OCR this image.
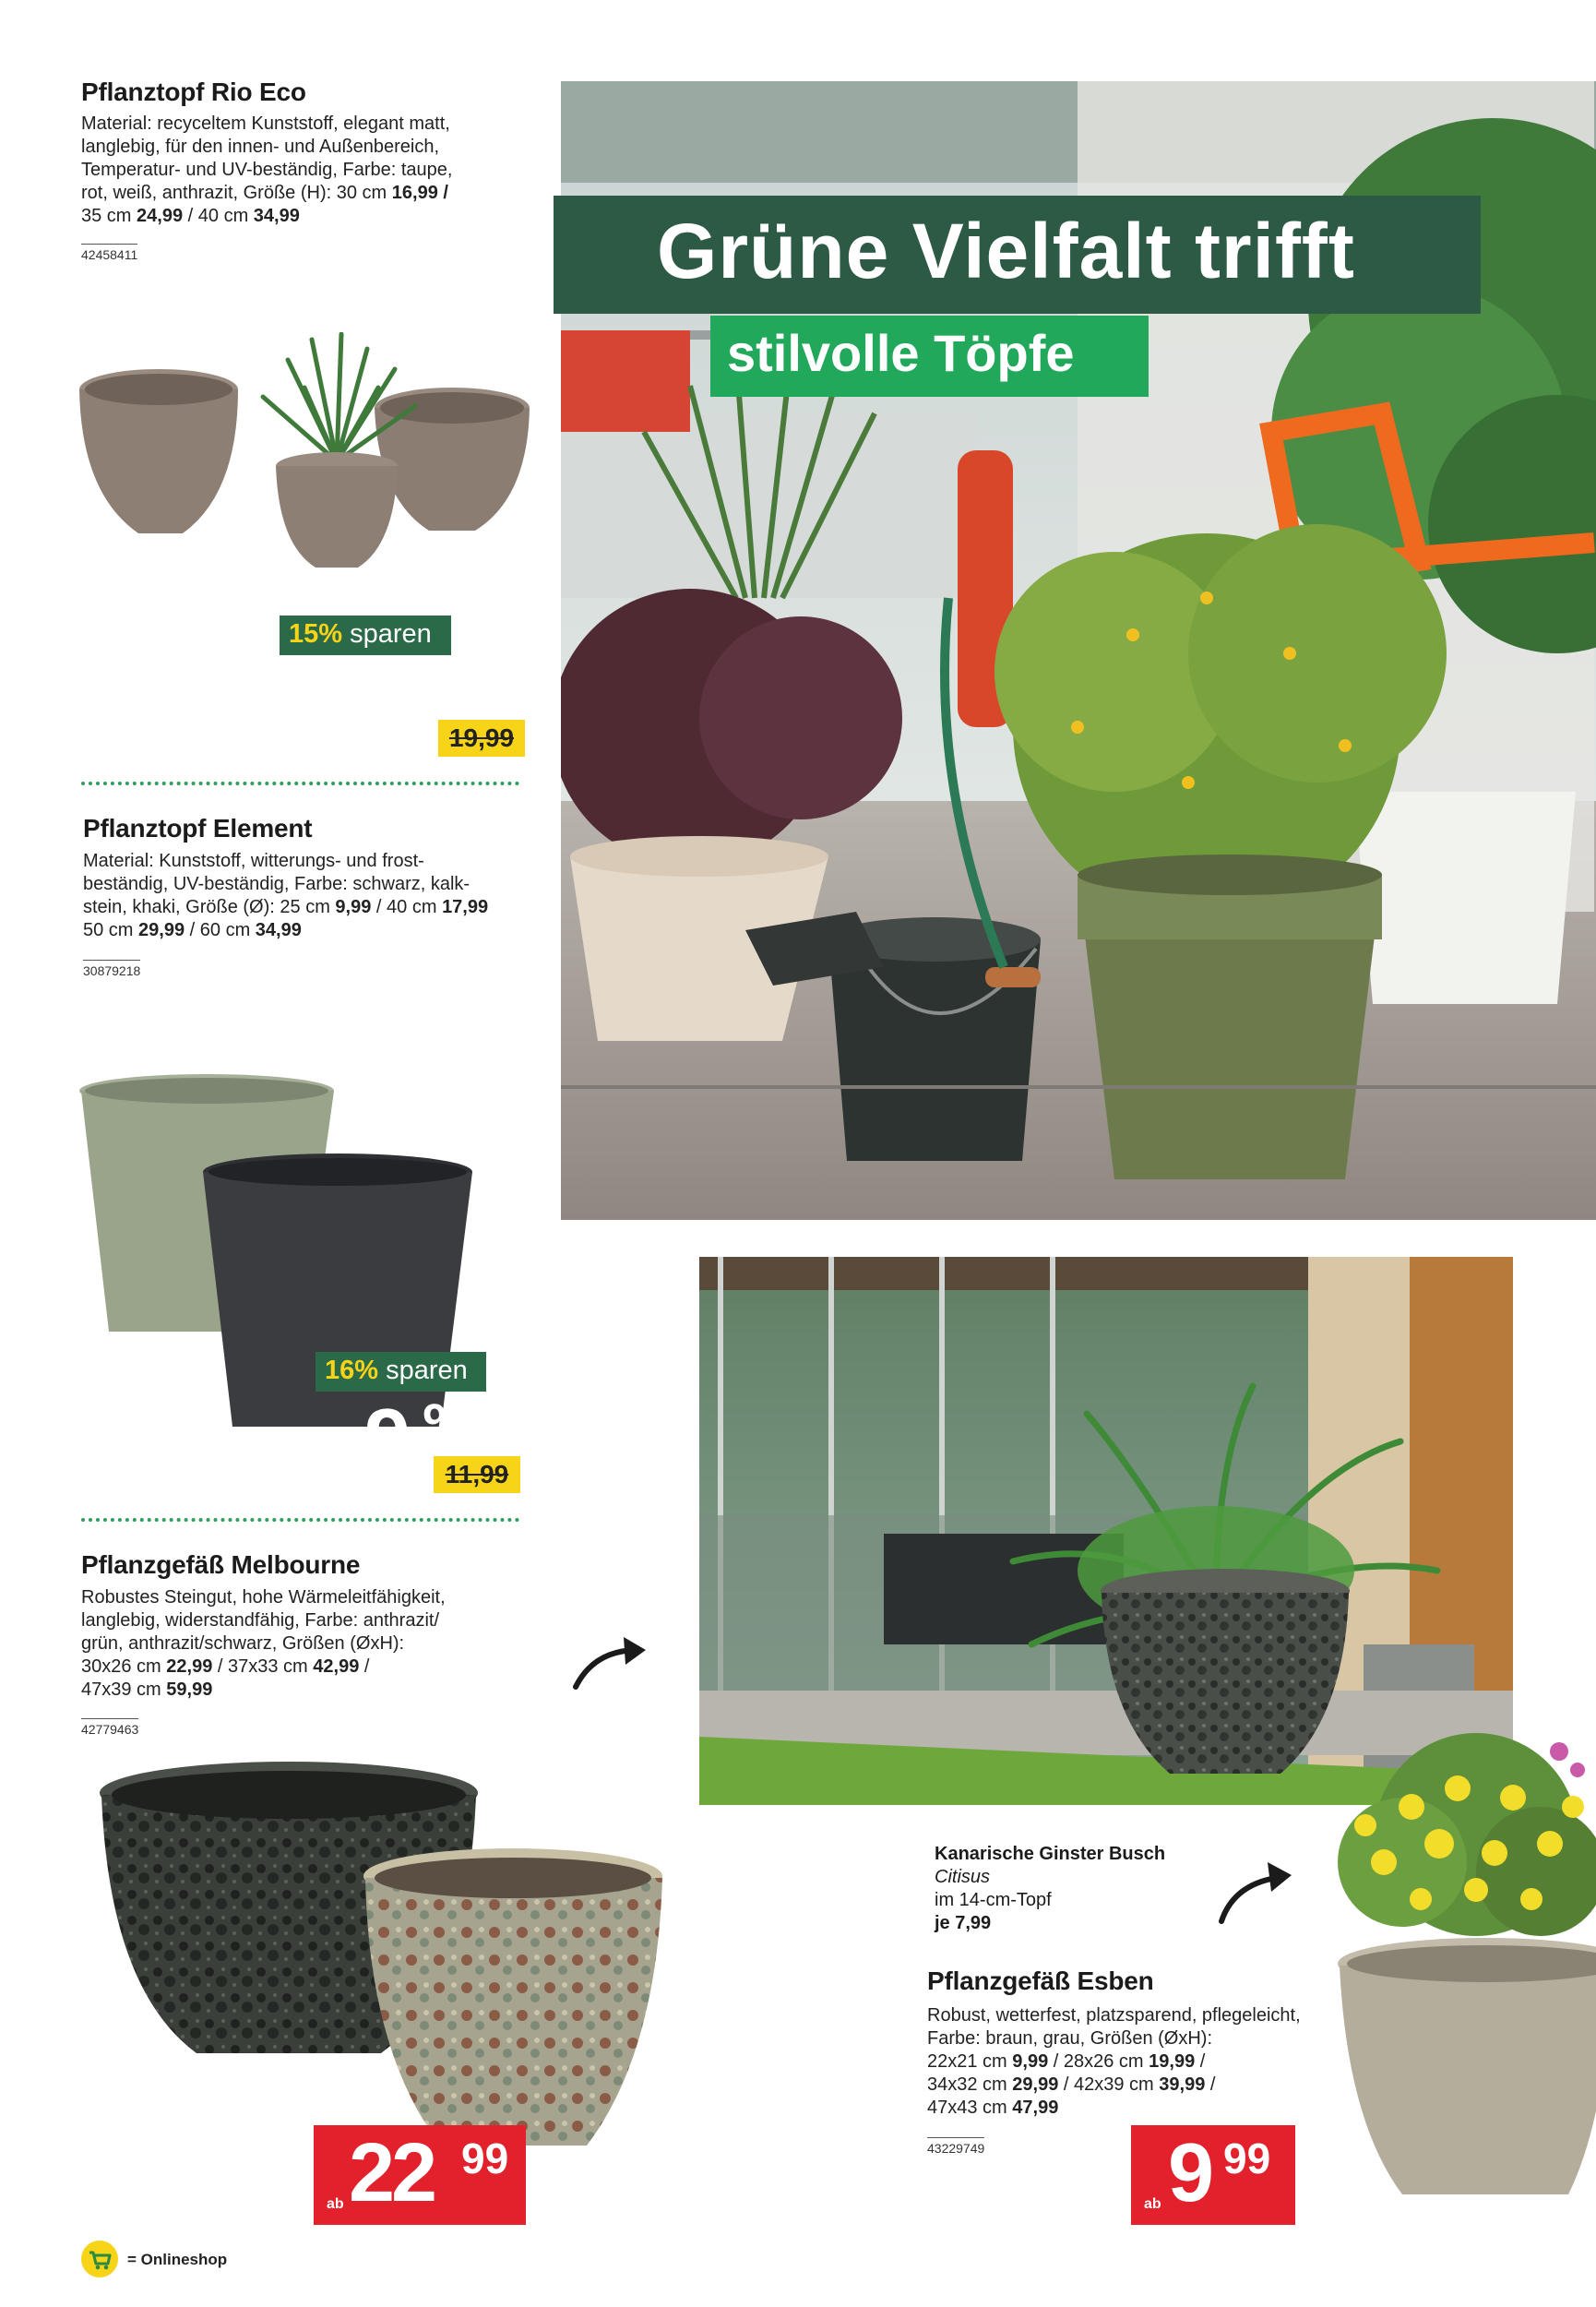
Pflanztopf Rio Eco
Material: recyceltem Kunststoff, elegant matt,
langlebig, für den innen- und Außenbereich,
Temperatur- und UV-beständig, Farbe: taupe,
rot, weiß, anthrazit, Größe (H): 30 cm 16,99 /
35 cm 24,99 / 40 cm 34,99
42458411
15% sparen
ab 16 99
19,99
Pflanztopf Element
Material: Kunststoff, witterungs- und frost-
beständig, UV-beständig, Farbe: schwarz, kalk-
stein, khaki, Größe (Ø): 25 cm 9,99 / 40 cm 17,99
50 cm 29,99 / 60 cm 34,99
30879218
16% sparen
ab 9 99
11,99
Pflanzgefäß Melbourne
Robustes Steingut, hohe Wärmeleitfähigkeit,
langlebig, widerstandfähig, Farbe: anthrazit/
grün, anthrazit/schwarz, Größen (ØxH):
30x26 cm 22,99 / 37x33 cm 42,99 /
47x39 cm 59,99
42779463
ab 22 99
= Onlineshop
Grüne Vielfalt trifft
stilvolle Töpfe
Kanarische Ginster Busch
Citisus
im 14-cm-Topf
je 7,99
Pflanzgefäß Esben
Robust, wetterfest, platzsparend, pflegeleicht,
Farbe: braun, grau, Größen (ØxH):
22x21 cm 9,99 / 28x26 cm 19,99 /
34x32 cm 29,99 / 42x39 cm 39,99 /
47x43 cm 47,99
43229749
ab 9 99
